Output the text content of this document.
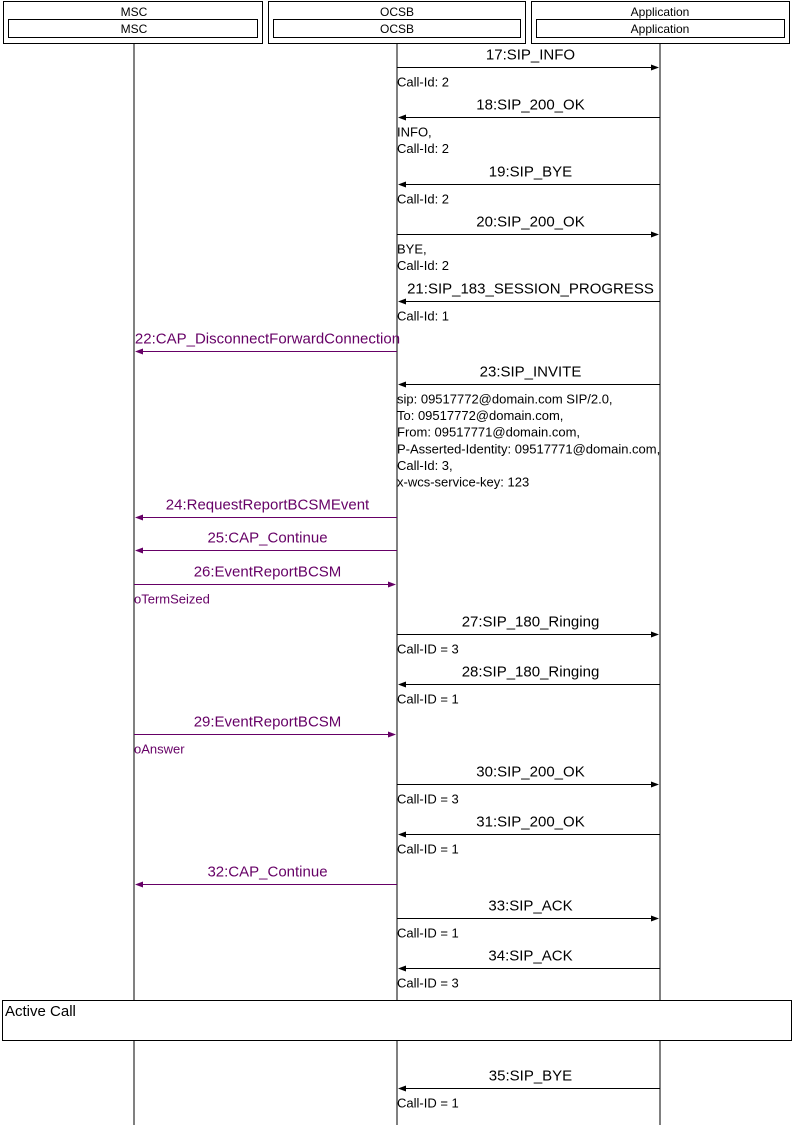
Active Call
MSC
MSC
OCSB
OCSB
Application
Application
17:SIP_INFO
Call-Id: 2
18:SIP_200_OK
INFO,
Call-Id: 2
19:SIP_BYE
Call-Id: 2
20:SIP_200_OK
BYE,
Call-Id: 2
21:SIP_183_SESSION_PROGRESS
Call-Id: 1
22:CAP_DisconnectForwardConnection
23:SIP_INVITE
sip: 09517772@domain.com SIP/2.0,
To: 09517772@domain.com,
From: 09517771@domain.com,
P-Asserted-Identity: 09517771@domain.com,
Call-Id: 3,
x-wcs-service-key: 123
24:RequestReportBCSMEvent
25:CAP_Continue
26:EventReportBCSM
oTermSeized
27:SIP_180_Ringing
Call-ID = 3
28:SIP_180_Ringing
Call-ID = 1
29:EventReportBCSM
oAnswer
30:SIP_200_OK
Call-ID = 3
31:SIP_200_OK
Call-ID = 1
32:CAP_Continue
33:SIP_ACK
Call-ID = 1
34:SIP_ACK
Call-ID = 3
35:SIP_BYE
Call-ID = 1
